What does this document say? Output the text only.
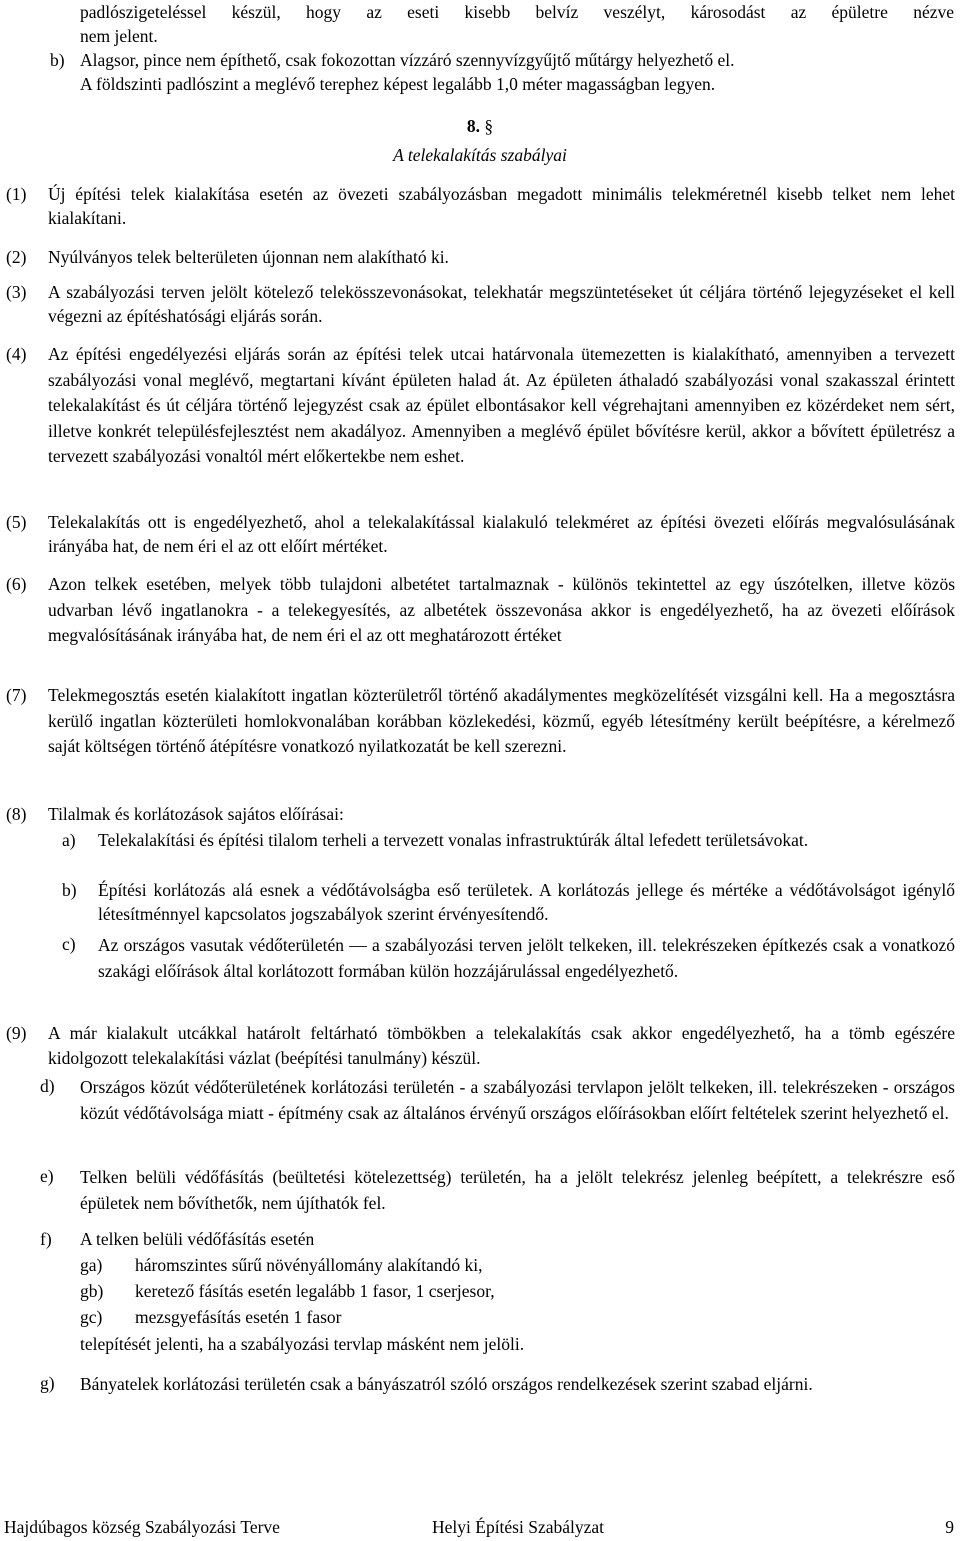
padlószigeteléssel készül, hogy az eseti kisebb belvíz veszélyt, károsodást az épületre nézve
nem jelent.
b) Alagsor, pince nem építhető, csak fokozottan vízzáró szennyvízgyűjtő műtárgy helyezhető el.
A földszinti padlószint a meglévő terephez képest legalább 1,0 méter magasságban legyen.
8. §
A telekalakítás szabályai
(1) Új építési telek kialakítása esetén az övezeti szabályozásban megadott minimális telekméretnél kisebb telket nem lehet kialakítani.

(2) Nyúlványos telek belterületen újonnan nem alakítható ki.

(3) A szabályozási terven jelölt kötelező telekösszevonásokat, telekhatár megszüntetéseket út céljára történő lejegyzéseket el kell végezni az építéshatósági eljárás során.

(4) Az építési engedélyezési eljárás során az építési telek utcai határvonala ütemezetten is kialakítható, amennyiben a tervezett szabályozási vonal meglévő, megtartani kívánt épületen halad át. Az épületen áthaladó szabályozási vonal szakasszal érintett telekalakítást és út céljára történő lejegyzést csak az épület elbontásakor kell végrehajtani amennyiben ez közérdeket nem sért, illetve konkrét településfejlesztést nem akadályoz. Amennyiben a meglévő épület bővítésre kerül, akkor a bővített épületrész a tervezett szabályozási vonaltól mért előkertekbe nem eshet.

(5) Telekalakítás ott is engedélyezhető, ahol a telekalakítással kialakuló telekméret az építési övezeti előírás megvalósulásának irányába hat, de nem éri el az ott előírt mértéket.

(6) Azon telkek esetében, melyek több tulajdoni albetétet tartalmaznak - különös tekintettel az egy úszótelken, illetve közös udvarban lévő ingatlanokra - a telekegyesítés, az albetétek összevonása akkor is engedélyezhető, ha az övezeti előírások megvalósításának irányába hat, de nem éri el az ott meghatározott értéket

(7) Telekmegosztás esetén kialakított ingatlan közterületről történő akadálymentes megközelítését vizsgálni kell. Ha a megosztásra kerülő ingatlan közterületi homlokvonalában korábban közlekedési, közmű, egyéb létesítmény került beépítésre, a kérelmező saját költségen történő átépítésre vonatkozó nyilatkozatát be kell szerezni.

(8) Tilalmak és korlátozások sajátos előírásai:
a) Telekalakítási és építési tilalom terheli a tervezett vonalas infrastruktúrák által lefedett területsávokat.

b) Építési korlátozás alá esnek a védőtávolságba eső területek. A korlátozás jellege és mértéke a védőtávolságot igénylő létesítménnyel kapcsolatos jogszabályok szerint érvényesítendő.

c) Az országos vasutak védőterületén — a szabályozási terven jelölt telkeken, ill. telekrészeken építkezés csak a vonatkozó szakági előírások által korlátozott formában külön hozzájárulással engedélyezhető.

(9) A már kialakult utcákkal határolt feltárható tömbökben a telekalakítás csak akkor engedélyezhető, ha a tömb egészére kidolgozott telekalakítási vázlat (beépítési tanulmány) készül.

d) Országos közút védőterületének korlátozási területén - a szabályozási tervlapon jelölt telkeken, ill. telekrészeken - országos közút védőtávolsága miatt - építmény csak az általános érvényű országos előírásokban előírt feltételek szerint helyezhető el.

e) Telken belüli védőfásítás (beültetési kötelezettség) területén, ha a jelölt telekrész jelenleg beépített, a telekrészre eső épületek nem bővíthetők, nem újíthatók fel.

f) A telken belüli védőfásítás esetén
ga) háromszintes sűrű növényállomány alakítandó ki,
gb) keretező fásítás esetén legalább 1 fasor, 1 cserjesor,
gc) mezsgyefásítás esetén 1 fasor
telepítését jelenti, ha a szabályozási tervlap másként nem jelöli.
g) Bányatelek korlátozási területén csak a bányászatról szóló országos rendelkezések szerint szabad eljárni.

Hajdúbagos község Szabályozási Terve	Helyi Építési Szabályzat	9
